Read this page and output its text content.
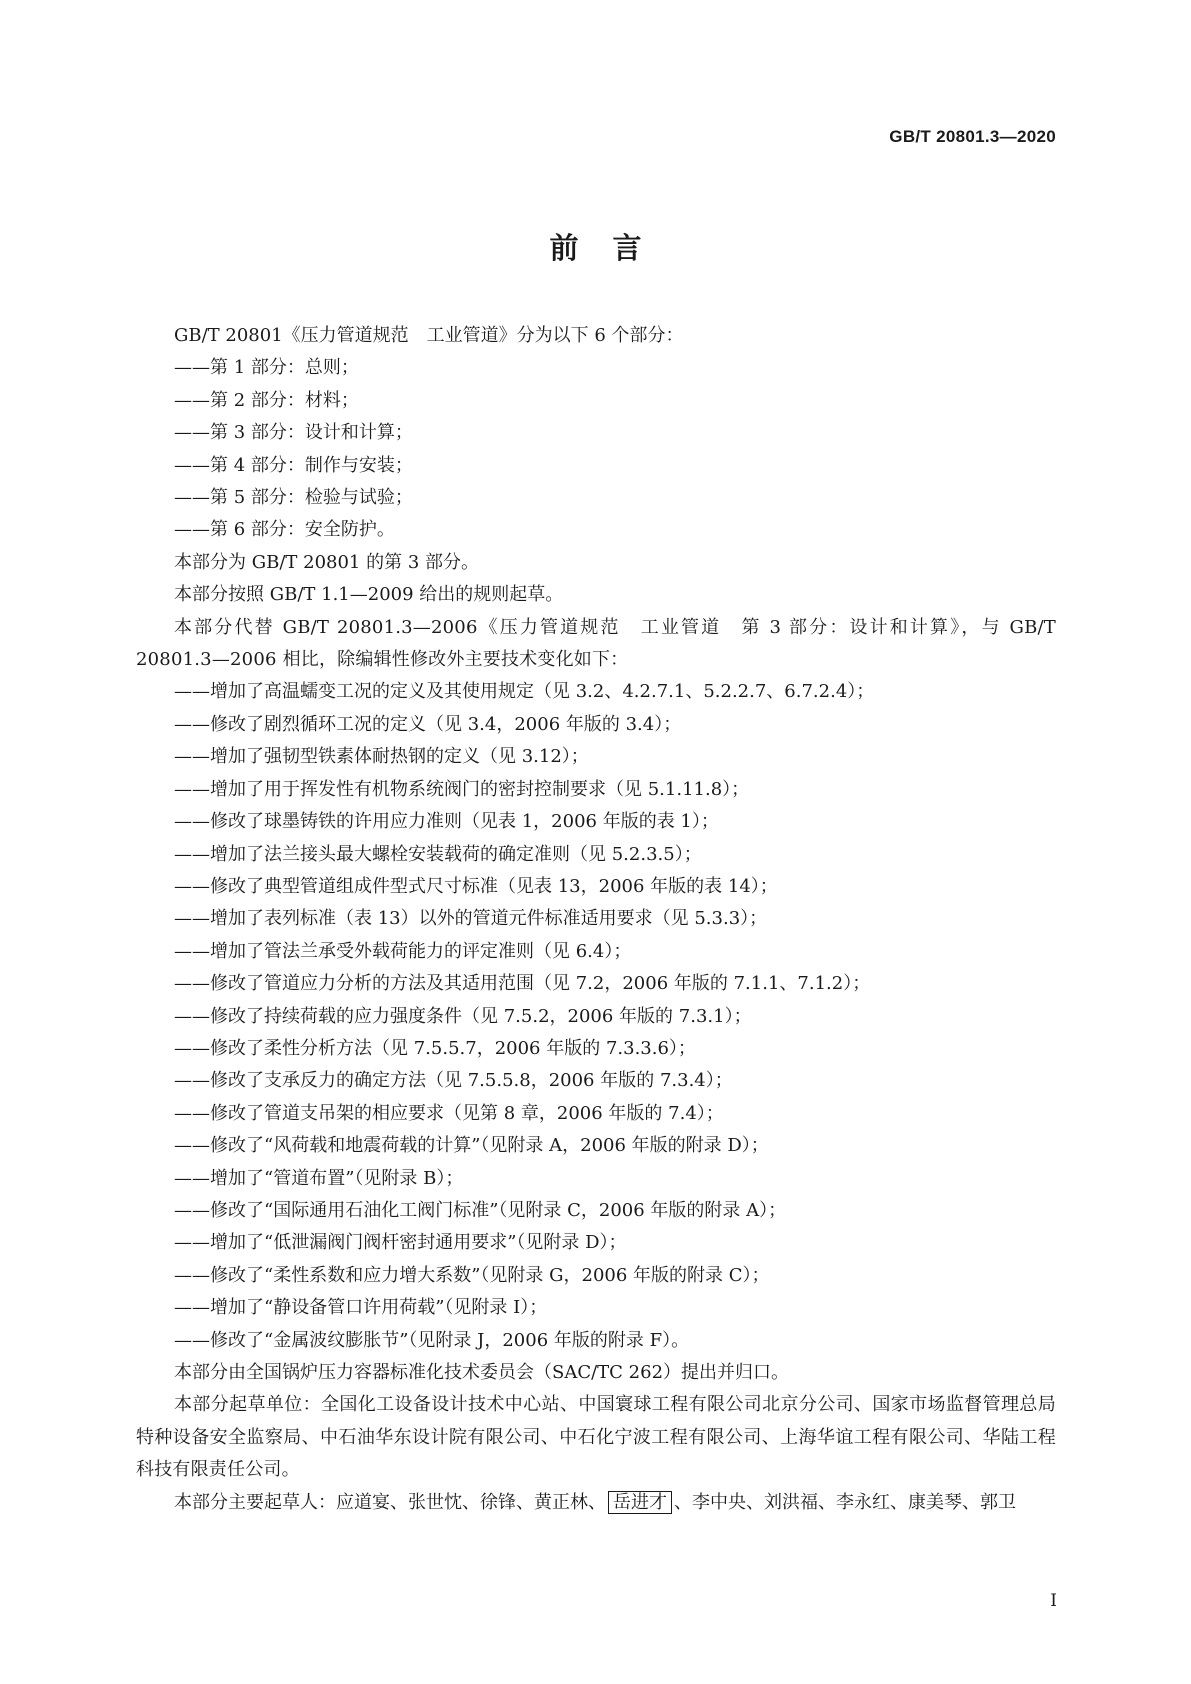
GB/T 20801.3—2020
前言

GB/T 20801《压力管道规范　工业管道》分为以下 6 个部分：

——第 1 部分：总则；

——第 2 部分：材料；

——第 3 部分：设计和计算；

——第 4 部分：制作与安装；

——第 5 部分：检验与试验；

——第 6 部分：安全防护。

本部分为 GB/T 20801 的第 3 部分。

本部分按照 GB/T 1.1—2009 给出的规则起草。

本部分代替 GB/T 20801.3—2006《压力管道规范　工业管道　第 3 部分：设计和计算》，与 GB/T 20801.3—2006 相比，除编辑性修改外主要技术变化如下：

——增加了高温蠕变工况的定义及其使用规定（见 3.2、4.2.7.1、5.2.2.7、6.7.2.4）；

——修改了剧烈循环工况的定义（见 3.4，2006 年版的 3.4）；

——增加了强韧型铁素体耐热钢的定义（见 3.12）；

——增加了用于挥发性有机物系统阀门的密封控制要求（见 5.1.11.8）；

——修改了球墨铸铁的许用应力准则（见表 1，2006 年版的表 1）；

——增加了法兰接头最大螺栓安装载荷的确定准则（见 5.2.3.5）；

——修改了典型管道组成件型式尺寸标准（见表 13，2006 年版的表 14）；

——增加了表列标准（表 13）以外的管道元件标准适用要求（见 5.3.3）；

——增加了管法兰承受外载荷能力的评定准则（见 6.4）；

——修改了管道应力分析的方法及其适用范围（见 7.2，2006 年版的 7.1.1、7.1.2）；

——修改了持续荷载的应力强度条件（见 7.5.2，2006 年版的 7.3.1）；

——修改了柔性分析方法（见 7.5.5.7，2006 年版的 7.3.3.6）；

——修改了支承反力的确定方法（见 7.5.5.8，2006 年版的 7.3.4）；

——修改了管道支吊架的相应要求（见第 8 章，2006 年版的 7.4）；

——修改了“风荷载和地震荷载的计算”（见附录 A，2006 年版的附录 D）；

——增加了“管道布置”（见附录 B）；

——修改了“国际通用石油化工阀门标准”（见附录 C，2006 年版的附录 A）；

——增加了“低泄漏阀门阀杆密封通用要求”（见附录 D）；

——修改了“柔性系数和应力增大系数”（见附录 G，2006 年版的附录 C）；

——增加了“静设备管口许用荷载”（见附录 I）；

——修改了“金属波纹膨胀节”（见附录 J，2006 年版的附录 F）。

本部分由全国锅炉压力容器标准化技术委员会（SAC/TC 262）提出并归口。

本部分起草单位：全国化工设备设计技术中心站、中国寰球工程有限公司北京分公司、国家市场监督管理总局特种设备安全监察局、中石油华东设计院有限公司、中石化宁波工程有限公司、上海华谊工程有限公司、华陆工程科技有限责任公司。

本部分主要起草人：应道宴、张世忱、徐锋、黄正林、 岳进才 、李中央、刘洪福、李永红、康美琴、郭卫

I
